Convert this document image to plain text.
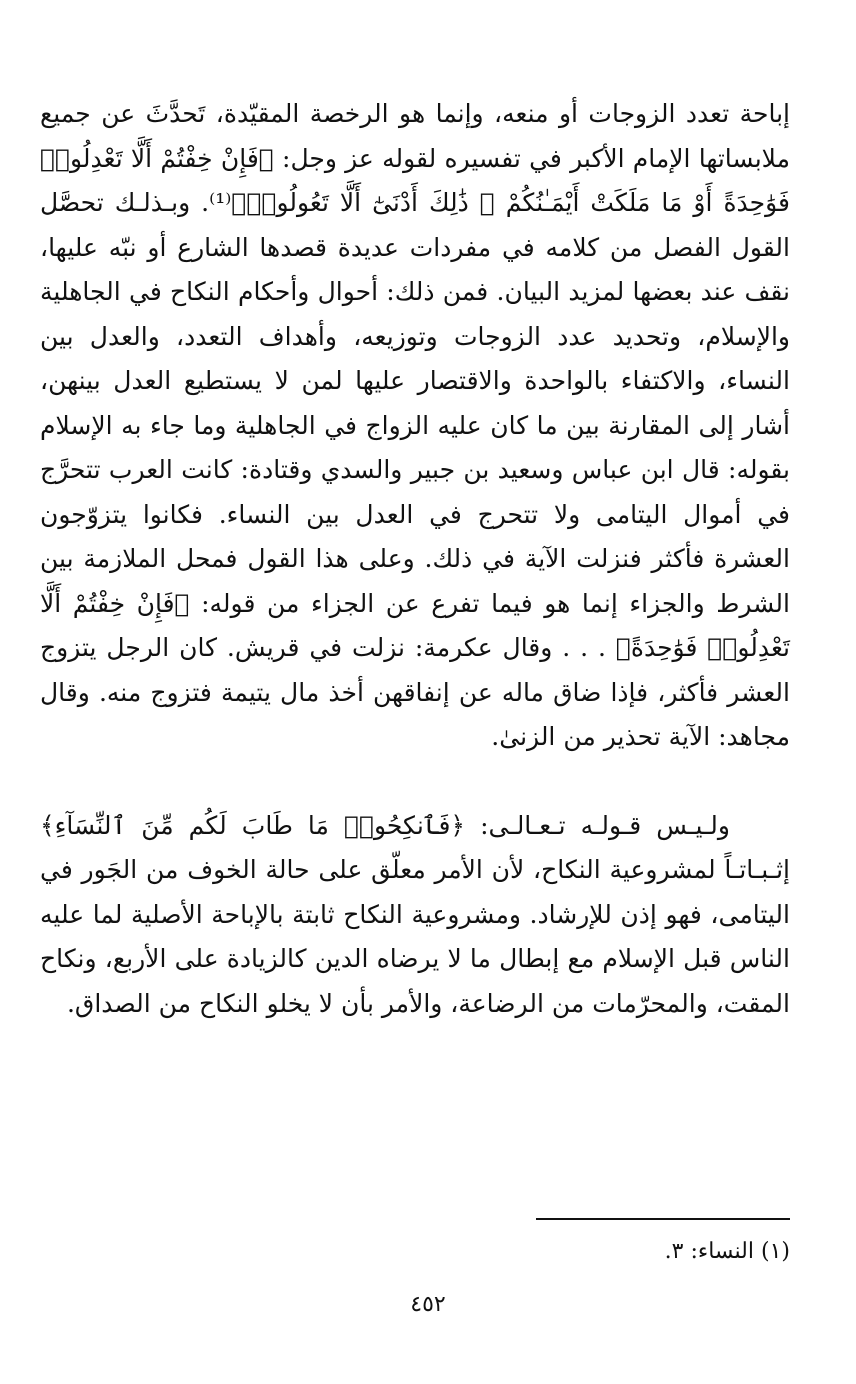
إباحة تعدد الزوجات أو منعه، وإنما هو الرخصة المقيّدة، تَحدَّثَ عن جميع ملابساتها الإمام الأكبر في تفسيره لقوله عز وجل: ﴿فَإِنْ خِفْتُمْ أَلَّا تَعْدِلُوا۟ فَوَٰحِدَةً أَوْ مَا مَلَكَتْ أَيْمَـٰنُكُمْ ۚ ذَٰلِكَ أَدْنَىٰٓ أَلَّا تَعُولُوا۟﴾⁽¹⁾. وبـذلـك تحصَّل القول الفصل من كلامه في مفردات عديدة قصدها الشارع أو نبّه عليها، نقف عند بعضها لمزيد البيان. فمن ذلك: أحوال وأحكام النكاح في الجاهلية والإسلام، وتحديد عدد الزوجات وتوزيعه، وأهداف التعدد، والعدل بين النساء، والاكتفاء بالواحدة والاقتصار عليها لمن لا يستطيع العدل بينهن، أشار إلى المقارنة بين ما كان عليه الزواج في الجاهلية وما جاء به الإسلام بقوله: قال ابن عباس وسعيد بن جبير والسدي وقتادة: كانت العرب تتحرَّج في أموال اليتامى ولا تتحرج في العدل بين النساء. فكانوا يتزوّجون العشرة فأكثر فنزلت الآية في ذلك. وعلى هذا القول فمحل الملازمة بين الشرط والجزاء إنما هو فيما تفرع عن الجزاء من قوله: ﴿فَإِنْ خِفْتُمْ أَلَّا تَعْدِلُوا۟ فَوَٰحِدَةً﴾ . . . وقال عكرمة: نزلت في قريش. كان الرجل يتزوج العشر فأكثر، فإذا ضاق ماله عن إنفاقهن أخذ مال يتيمة فتزوج منه. وقال مجاهد: الآية تحذير من الزنىٰ.

ولـيـس قـولـه تـعـالـى: ﴿فَٱنكِحُوا۟ مَا طَابَ لَكُم مِّنَ ٱلنِّسَآءِ﴾ إثـبـاتـاً لمشروعية النكاح، لأن الأمر معلّق على حالة الخوف من الجَور في اليتامى، فهو إذن للإرشاد. ومشروعية النكاح ثابتة بالإباحة الأصلية لما عليه الناس قبل الإسلام مع إبطال ما لا يرضاه الدين كالزيادة على الأربع، ونكاح المقت، والمحرّمات من الرضاعة، والأمر بأن لا يخلو النكاح من الصداق.

(١) النساء: ٣.

٤٥٢
